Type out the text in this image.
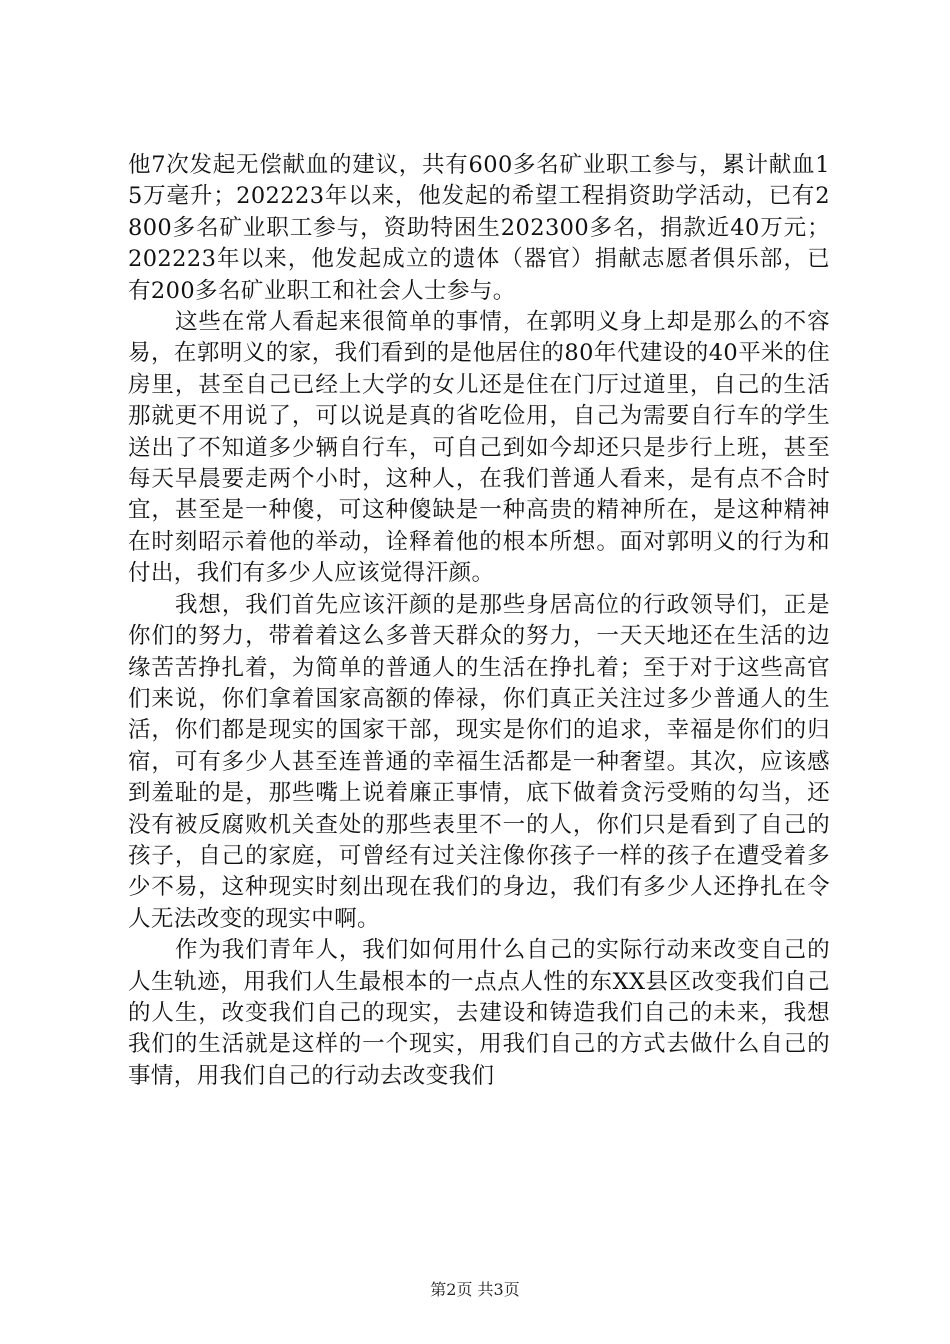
他7次发起无偿献血的建议，共有600多名矿业职工参与，累计献血15万毫升；202223年以来，他发起的希望工程捐资助学活动，已有2800多名矿业职工参与，资助特困生202300多名，捐款近40万元；202223年以来，他发起成立的遗体（器官）捐献志愿者俱乐部，已有200多名矿业职工和社会人士参与。

这些在常人看起来很简单的事情，在郭明义身上却是那么的不容易，在郭明义的家，我们看到的是他居住的80年代建设的40平米的住房里，甚至自己已经上大学的女儿还是住在门厅过道里，自己的生活那就更不用说了，可以说是真的省吃俭用，自己为需要自行车的学生送出了不知道多少辆自行车，可自己到如今却还只是步行上班，甚至每天早晨要走两个小时，这种人，在我们普通人看来，是有点不合时宜，甚至是一种傻，可这种傻缺是一种高贵的精神所在，是这种精神在时刻昭示着他的举动，诠释着他的根本所想。面对郭明义的行为和付出，我们有多少人应该觉得汗颜。

我想，我们首先应该汗颜的是那些身居高位的行政领导们，正是你们的努力，带着着这么多普天群众的努力，一天天地还在生活的边缘苦苦挣扎着，为简单的普通人的生活在挣扎着；至于对于这些高官们来说，你们拿着国家高额的俸禄，你们真正关注过多少普通人的生活，你们都是现实的国家干部，现实是你们的追求，幸福是你们的归宿，可有多少人甚至连普通的幸福生活都是一种奢望。其次，应该感到羞耻的是，那些嘴上说着廉正事情，底下做着贪污受贿的勾当，还没有被反腐败机关查处的那些表里不一的人，你们只是看到了自己的孩子，自己的家庭，可曾经有过关注像你孩子一样的孩子在遭受着多少不易，这种现实时刻出现在我们的身边，我们有多少人还挣扎在令人无法改变的现实中啊。

作为我们青年人，我们如何用什么自己的实际行动来改变自己的人生轨迹，用我们人生最根本的一点点人性的东XX县区改变我们自己的人生，改变我们自己的现实，去建设和铸造我们自己的未来，我想我们的生活就是这样的一个现实，用我们自己的方式去做什么自己的事情，用我们自己的行动去改变我们

第2页 共3页
